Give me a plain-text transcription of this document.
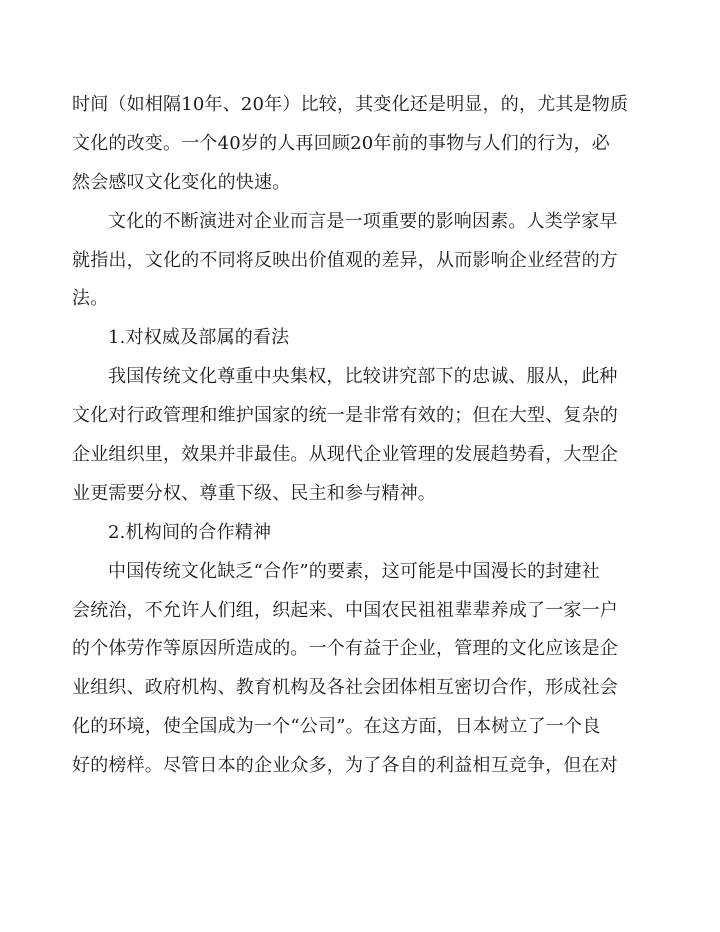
时间（如相隔10年、20年）比较，其变化还是明显，的，尤其是物质
文化的改变。一个40岁的人再回顾20年前的事物与人们的行为，必
然会感叹文化变化的快速。
文化的不断演进对企业而言是一项重要的影响因素。人类学家早
就指出，文化的不同将反映出价值观的差异，从而影响企业经营的方
法。
1.对权威及部属的看法
我国传统文化尊重中央集权，比较讲究部下的忠诚、服从，此种
文化对行政管理和维护国家的统一是非常有效的；但在大型、复杂的
企业组织里，效果并非最佳。从现代企业管理的发展趋势看，大型企
业更需要分权、尊重下级、民主和参与精神。
2.机构间的合作精神
中国传统文化缺乏“合作”的要素，这可能是中国漫长的封建社
会统治，不允许人们组，织起来、中国农民祖祖辈辈养成了一家一户
的个体劳作等原因所造成的。一个有益于企业，管理的文化应该是企
业组织、政府机构、教育机构及各社会团体相互密切合作，形成社会
化的环境，使全国成为一个“公司”。在这方面，日本树立了一个良
好的榜样。尽管日本的企业众多，为了各自的利益相互竞争，但在对
